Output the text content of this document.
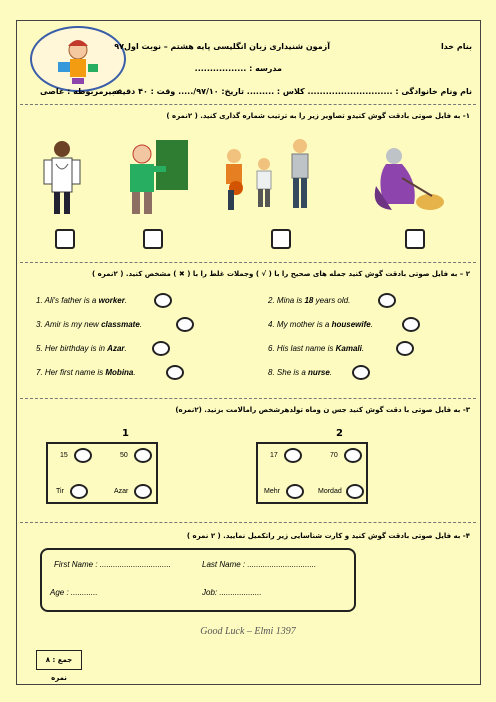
بنام خدا
آزمون شنیداری زبان انگلیسی پایه هشتم – نوبت اول۹۷
مدرسه : .................
نام ونام خانوادگی : ............................ کلاس : ......... تاریخ: ۹۷/۱۰/..... وقت : ۴۰ دقیقه
دبیرمربوطه : عاصی
۱- به فایل صوتی بادقت گوش کنیدو تصاویر زیر را به ترتیب شماره گذاری کنید. ( ۲نمره )
۲ – به فایل صوتی بادقت گوش کنید جمله های صحیح را با ( √ ) وجملات غلط را با ( ✖ ) مشخص کنید. ( ۲نمره )
1. Ali's father is a worker.	2. Mina is 18 years old.
3. Amir is my new classmate.	4. My mother is a housewife.
5. Her birthday is in Azar.	6. His last name is Kamali.
7. Her first name is Mobina.	8. She is a nurse.
۳- به فایل صوتی با دقت گوش کنید جس ن وماه تولدهرشخص رامالامت بزنید. (۲نمره)
1	2
15	50
Tir	Azar
17	70
Mehr	Mordad
۴- به فایل صوتی بادقت گوش کنید و کارت شناسایی زیر راتکمیل نمایید. ( ۲ نمره )
First Name : ................................	Last Name : ...............................
Age : ............	Job: ...................
Good Luck – Elmi 1397
جمع : ۸ نمره
